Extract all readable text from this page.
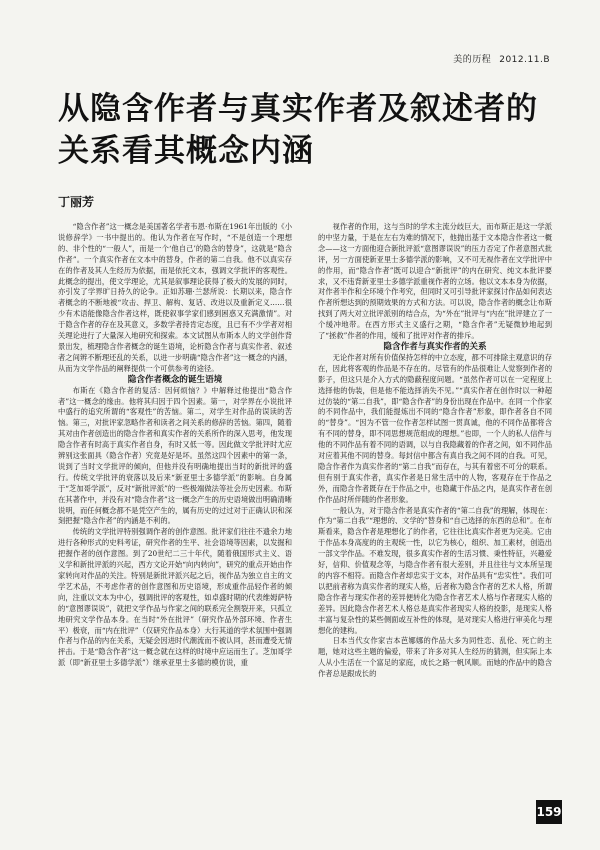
美的历程 2012.11.B
从隐含作者与真实作者及叙述者的关系看其概念内涵
丁丽芳

“隐含作者”这一概念是美国著名学者韦恩·布斯在1961年出版的《小说修辞学》一书中提出的。他认为作者在写作时，“不是创造一个理想的、非个性的“一般人”，而是一个‘他自己’的隐含的替身”，这就是“隐含作者”。一个真实作者在文本中的替身，作者的第二自我。他不以真实存在的作者及其人生经历为依据，而是依托文本，强调文学批评的客观性。此概念的提出，使文学理论，尤其是叙事理论获得了极大的发展的同时，亦引发了学界旷日持久的论争。正如苏珊·兰瑟所说：长期以来，隐含作者概念的不断地被“攻击、捍卫、解构、复话、改进以及重新定义……很少有术语能像隐含作者这样，既使叙事学家们感到困惑又充满激情”。对于隐含作者的存在及其意义，多数学者持肯定态度，且已有不少学者对相关理论进行了大量深入地研究和探索。本文试图从布斯本人的文学创作背景出发，梳理隐含作者概念的诞生语境，论析隐含作者与真实作者、叙述者之间辨不断理还乱的关系，以进一步明确“隐含作者”这一概念的内涵，从而为文学作品的阐释提供一个可供参考的途径。

隐含作者概念的诞生语境

布斯在《隐含作者的复活：因何烦恼？》中解释过他提出“隐含作者”这一概念的缘由。他将其归因于四个因素。第一，对学界在小说批评中盛行的追究所谓的“客观性”的苦恼。第二，对学生对作品的误读的苦恼。第三，对批评家忽略作者和读者之间关系的修辞的苦恼。第四，随着其对由作者创造出的隐含作者和真实作者的关系所作的深入思考，他发现隐含作者有时高于真实作者自身，有时又低一等。因此做文学批评时尤应辨别这张面具（隐含作者）究竟是好是坏。虽然这四个因素中的第一条，说到了当时文学批评的倾向，但他并没有明确地提出当时的新批评的盛行。传统文学批评的衰落以及后来“新亚里士多德学派”的影响。自身属于“芝加哥学派”，反对“新批评派”的一些极端做法等社会历史因素。布斯在其著作中，并没有对“隐含作者”这一概念产生的历史语境做出明确清晰说明，而任何概念都不是凭空产生的，属有历史的过过对于正确认识和深刻把握“隐含作者”的内涵是不利的。

传统的文学批评特别强调作者的创作意图。批评家们往往不遗余力地进行各种形式的史料考证，研究作者的生平、社会语境等因素，以发掘和把握作者的创作意图。到了20世纪二三十年代，随着俄国形式主义、语义学和新批评派的兴起，西方文论开始“向内转向”，研究的重点开始由作家转向对作品的关注。特别是新批评派兴起之后，视作品为独立自主的文学艺术品，不考虑作者的创作意图和历史语境，形成重作品轻作者的倾向，注重以文本为中心，强调批评的客观性，如卓盛时期的代表维姆萨特的“意图谬误说”，就把文学作品与作家之间的联系完全割裂开来，只孤立地研究文学作品本身。在当时“外在批评”（研究作品外部环境、作者生平）极衰，而“内在批评”（仅研究作品本身）大行其道的学术氛围中强调作者与作品的内在关系，无疑会因进时代潮流而不被认同，甚而遭受无情抨击。于是“隐含作者”这一概念就在这样的时境中应运而生了。芝加哥学派（即“新亚里士多德学派”）继承亚里士多德的模仿说，重

视作者的作用，这与当时的学术主流分歧巨大，而布斯正是这一学派的中坚力量，于是在左右为难的情况下，他抛出基于文本隐含作者这一概念——这一方面他迎合新批评派“意图谬误说”的压力否定了作者意图式批评，另一方面使新亚里士多德学派的影响，又不可无视作者在文学批评中的作用，而“隐含作者”既可以迎合“新批评”的内在研究、纯文本批评要求，又不违背新亚里士多德学派重视作者的立场。他以文本本身为依据，对作者半作和全环境个作考究，但同时又可引导批评家探讨作品如何表达作者所想达到的预期效果的方式和方法。可以说，隐含作者的概念让布斯找到了两大对立批评派别的结合点，为“外在”批评与“内在”批评建立了一个缓冲地带。在西方形式主义盛行之期，“隐含作者”无疑微妙地起到了“拯救”作者的作用，缓和了批评对作者的排斥。

隐含作者与真实作者的关系

无论作者对所有价值保持怎样的中立态度，都不可排除主观意识的存在，因此将客观的作品是不存在的。尽管有的作品很难让人觉察到作者的影子，但这只是介入方式的隐蔽程度问题。“虽然作者可以在一定程度上选择他的伪装，但是他不能选择消失不见。”“真实作者在创作时以一种超过仿装的“第二自我”，即“隐含作者”的身份出现在作品中。在同一个作家的不同作品中，我们能提炼出不同的“隐含作者”形象，即作者各自不同的“替身”。“因为不管一位作者怎样试图一贯真诚，他的不同作品都将含有不同的替身，即不同思想规范组成的理想。”也即，一个人的私人信件与他的不同作品有着不同的语调，以与自我隐藏着的作者之间，如不同作品对应着其他不同的替身。每封信中都含有真自我之间不同的自我。可见，隐含作者作为真实作者的“第二自我”而存在，与其有着密不可分的联系。但有别于真实作者，真实作者是日常生活中的人物，客观存在于作品之外，而隐含作者既存在于作品之中，也隐藏于作品之内，是真实作者在创作作品时所伴随的作者形象。

一般认为，对于隐含作者是真实作者的“第二自我”的理解，体现在：作为“第二自我”“理想的、文学的”替身和“自己选择的东西的总和”。在布斯看来，隐含作者是理想化了的作者，它往往比真实作者更为完美。它由于作品本身高度的的主观统一性，以它为核心，组织、加工素材，创造出一部文学作品。不难发现，很多真实作者的生活习惯、秉性特征，兴趣爱好，信仰、价值观念等，与隐含作者有很大差别，并且往往与文本所呈现的内容不相符。而隐含作者却忠实于文本，对作品具有“忠实性”。我们可以把前者称为真实作者的现实人格，后者称为隐含作者的艺术人格，所谓隐含作者与现实作者的差异便转化为隐含作者艺术人格与作者现实人格的差异。因此隐含作者艺术人格总是真实作者现实人格的投影，是现实人格丰富与复杂性的某些侧面或互补性的体现，是对现实人格进行审美化与理想化的建构。

日本当代女作家吉本芭娜娜的作品大多为同性恋、乱伦、死亡的主题，她对这些主题的偏爱，带来了许多对其人生经历的猜测，但实际上本人从小生活在一个富足的家庭，成长之路一帆风顺。而她的作品中的隐含作者总是跟成长的

159
